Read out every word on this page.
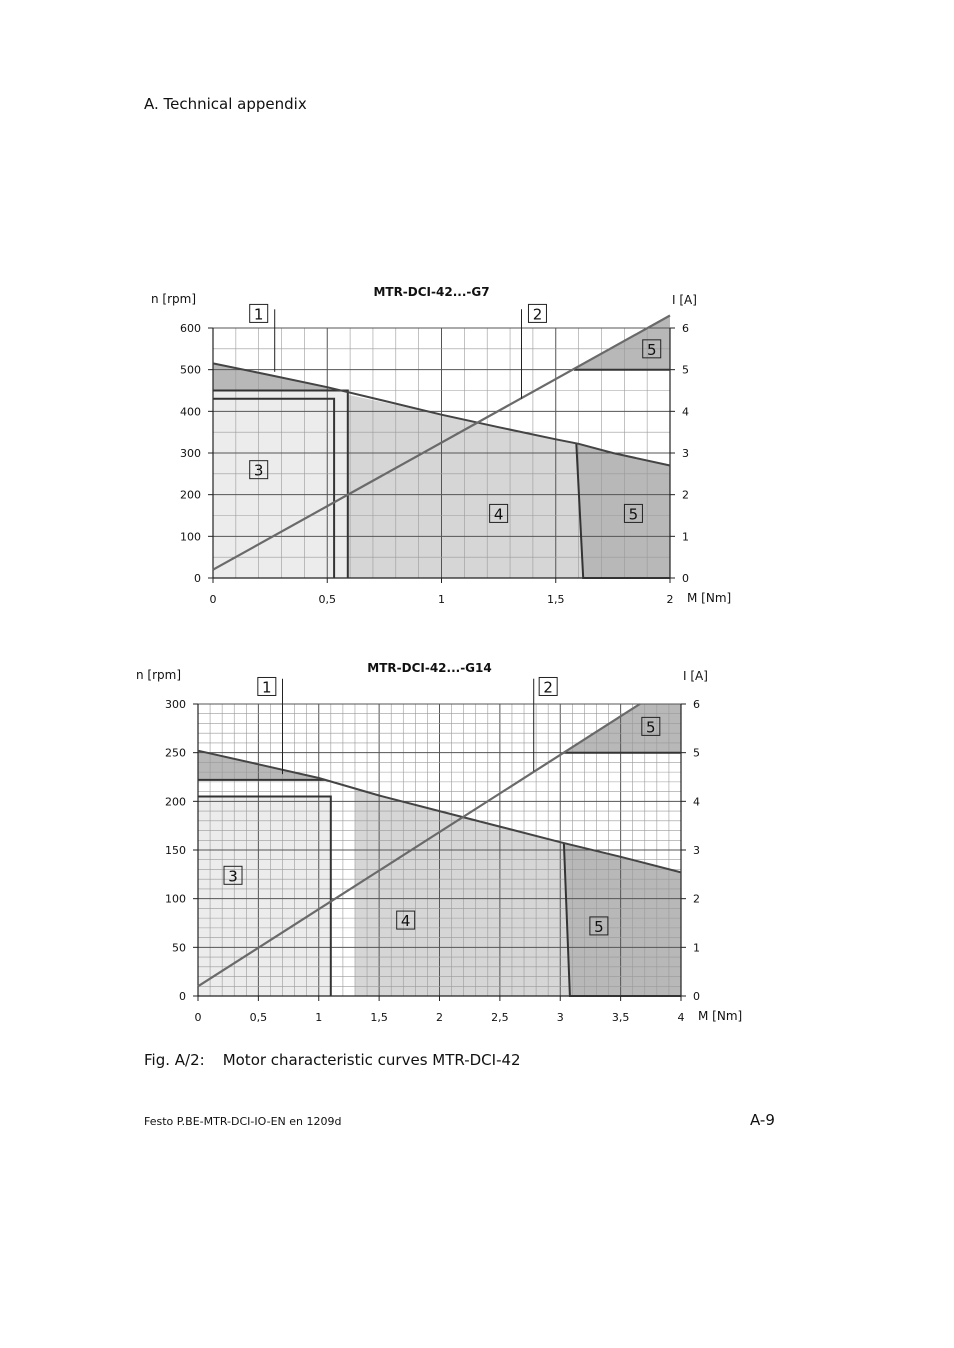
A. Technical appendix
0	0,5	1	1,5	2
0
100
200
300
400
500
600
0
1
2
3
4
5
6
n [rpm]	I [A]
M [Nm]
MTR-DCI-42...-G7
1	2
3
4	5
5
0	0,5	1	1,5	2	2,5	3	3,5	4
0
50
100
150
200
250
300
0
1
2
3
4
5
6
n [rpm]	I [A]
M [Nm]
MTR-DCI-42...-G14
1	2
3
4	5
5
Fig. A/2: Motor characteristic curves MTR-DCI-42
Festo P.BE-MTR-DCI-IO-EN en 1209d	A-9
